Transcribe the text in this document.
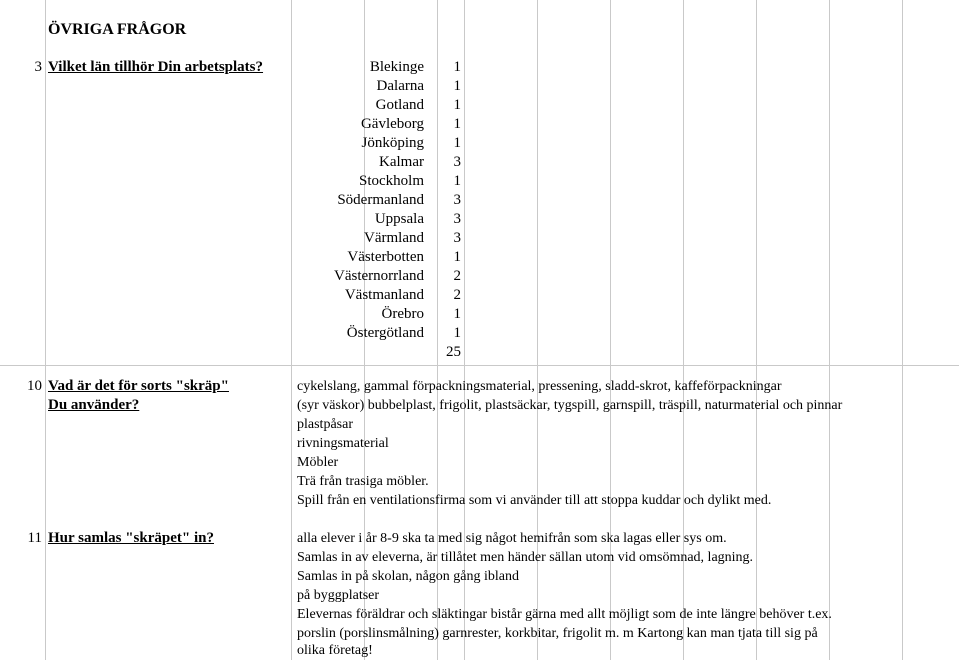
ÖVRIGA FRÅGOR
3 Vilket län tillhör Din arbetsplats?	Blekinge	1
Dalarna	1
Gotland	1
Gävleborg	1
Jönköping	1
Kalmar	3
Stockholm	1
Södermanland	3
Uppsala	3
Värmland	3
Västerbotten	1
Västernorrland	2
Västmanland	2
Örebro	1
Östergötland	1
25
10 Vad är det för sorts "skräp"	cykelslang, gammal förpackningsmaterial, pressening, sladd-skrot, kaffeförpackningar
Du använder?	(syr väskor) bubbelplast, frigolit, plastsäckar, tygspill, garnspill, träspill, naturmaterial och pinnar
plastpåsar
rivningsmaterial
Möbler
Trä från trasiga möbler.
Spill från en ventilationsfirma som vi använder till att stoppa kuddar och dylikt med.
11 Hur samlas "skräpet" in?	alla elever i år 8-9 ska ta med sig något hemifrån som ska lagas eller sys om.
Samlas in av eleverna, är tillåtet men händer sällan utom vid omsömnad, lagning.
Samlas in på skolan, någon gång ibland
på byggplatser
Elevernas föräldrar och släktingar bistår gärna med allt möjligt som de inte längre behöver t.ex.
porslin (porslinsmålning) garnrester, korkbitar, frigolit m. m Kartong kan man tjata till sig på
olika företag!
